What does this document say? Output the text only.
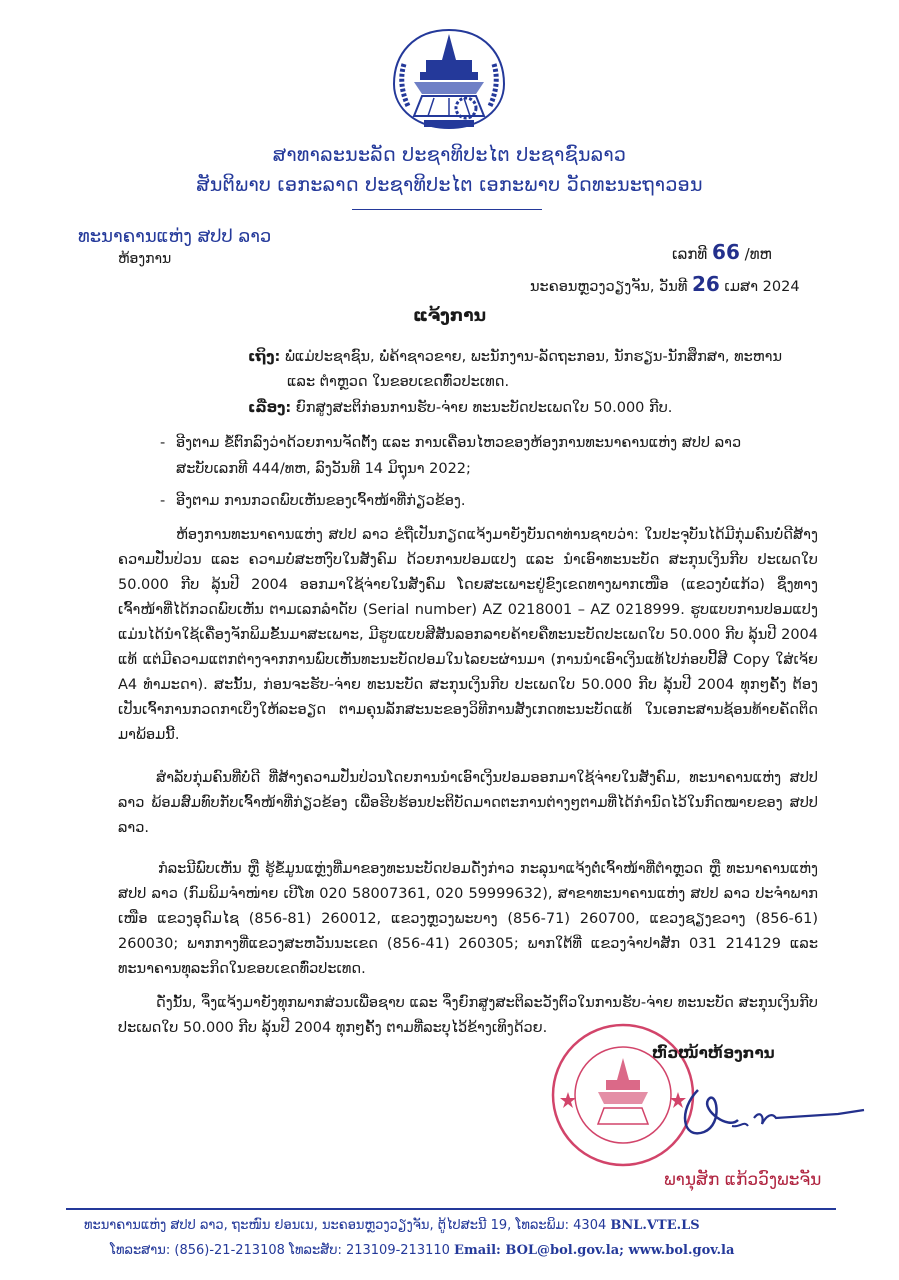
ສາທາລະນະລັດ ປະຊາທິປະໄຕ ປະຊາຊົນລາວ
ສັນຕິພາບ ເອກະລາດ ປະຊາທິປະໄຕ ເອກະພາບ ວັດທະນະຖາວອນ
ທະນາຄານແຫ່ງ ສປປ ລາວ
ຫ້ອງການ	ເລກທີ 66 /ທຫ
ນະຄອນຫຼວງວຽງຈັນ, ວັນທີ 26 ເມສາ 2024
ແຈ້ງການ
ເຖິງ: ພໍ່ແມ່ປະຊາຊົນ, ພໍ່ຄ້າຊາວຂາຍ, ພະນັກງານ-ລັດຖະກອນ, ນັກຮຽນ-ນັກສຶກສາ, ທະຫານ
ແລະ ຕໍາຫຼວດ ໃນຂອບເຂດທົ່ວປະເທດ.
ເລື່ອງ: ຍົກສູງສະຕິກ່ອນການຮັບ-ຈ່າຍ ທະນະບັດປະເພດໃບ 50.000 ກີບ.
- ອີງຕາມ ຂໍ້ຕົກລົງວ່າດ້ວຍການຈັດຕັ້ງ ແລະ ການເຄື່ອນໄຫວຂອງຫ້ອງການທະນາຄານແຫ່ງ ສປປ ລາວ
ສະບັບເລກທີ 444/ທຫ, ລົງວັນທີ 14 ມິຖຸນາ 2022;
- ອີງຕາມ ການກວດພົບເຫັນຂອງເຈົ້າໜ້າທີ່ກ່ຽວຂ້ອງ.
ຫ້ອງການທະນາຄານແຫ່ງ ສປປ ລາວ ຂໍຖືເປັນກຽດແຈ້ງມາຍັງບັນດາທ່ານຊາບວ່າ: ໃນປະຈຸບັນໄດ້ມີກຸ່ມຄົນບໍ່ດີສ້າງຄວາມປັ່ນປ່ວນ ແລະ ຄວາມບໍ່ສະຫງົບໃນສັງຄົມ ດ້ວຍການປອມແປງ ແລະ ນໍາເອົາທະນະບັດ ສະກຸນເງິນກີບ ປະເພດໃບ 50.000 ກີບ ລຸ້ນປີ 2004 ອອກມາໃຊ້ຈ່າຍໃນສັງຄົມ ໂດຍສະເພາະຢູ່ຂົງເຂດທາງພາກເໜືອ (ແຂວງບໍ່ແກ້ວ) ຊຶ່ງທາງເຈົ້າໜ້າທີ່ໄດ້ກວດພົບເຫັນ ຕາມເລກລໍາດັບ (Serial number) AZ 0218001 – AZ 0218999. ຮູບແບບການປອມແປງແມ່ນໄດ້ນໍາໃຊ້ເຄື່ອງຈັກພິມຂັ້ນມາສະເພາະ, ມີຮູບແບບສີສັນລອກລາຍຄ້າຍຄືທະນະບັດປະເພດໃບ 50.000 ກີບ ລຸ້ນປີ 2004 ແທ້ ແຕ່ມີຄວາມແຕກຕ່າງຈາກການພົບເຫັນທະນະບັດປອມໃນໄລຍະຜ່ານມາ (ການນໍາເອົາເງິນແທ້ໄປກ່ອບປີ້ສີ Copy ໃສ່ເຈ້ຍ A4 ທໍາມະດາ). ສະນັ້ນ, ກ່ອນຈະຮັບ-ຈ່າຍ ທະນະບັດ ສະກຸນເງິນກີບ ປະເພດໃບ 50.000 ກີບ ລຸ້ນປີ 2004 ທຸກໆຄັ້ງ ຕ້ອງເປັນເຈົ້າການກວດກາເບິ່ງໃຫ້ລະອຽດ ຕາມຄຸນລັກສະນະຂອງວິທີການສັງເກດທະນະບັດແທ້ ໃນເອກະສານຊ້ອນທ້າຍຄັດຕິດມາພ້ອມນີ້.
ສໍາລັບກຸ່ມຄົນທີ່ບໍ່ດີ ທີ່ສ້າງຄວາມປັ່ນປ່ວນໂດຍການນໍາເອົາເງິນປອມອອກມາໃຊ້ຈ່າຍໃນສັງຄົມ, ທະນາຄານແຫ່ງ ສປປ ລາວ ພ້ອມສົມທົບກັບເຈົ້າໜ້າທີ່ກ່ຽວຂ້ອງ ເພື່ອຮີບຮ້ອນປະຕິບັດມາດຕະການຕ່າງໆຕາມທີ່ໄດ້ກໍານົດໄວ້ໃນກົດໝາຍຂອງ ສປປ ລາວ.
ກໍລະນີພົບເຫັນ ຫຼື ຮູ້ຂໍ້ມູນແຫຼ່ງທີ່ມາຂອງທະນະບັດປອມດັ່ງກ່າວ ກະລຸນາແຈ້ງຕໍ່ເຈົ້າໜ້າທີ່ຕໍາຫຼວດ ຫຼື ທະນາຄານແຫ່ງ ສປປ ລາວ (ກົມພິມຈໍາໜ່າຍ ເບີໂທ 020 58007361, 020 59999632), ສາຂາທະນາຄານແຫ່ງ ສປປ ລາວ ປະຈໍາພາກເໜືອ ແຂວງອຸດົມໄຊ (856-81) 260012, ແຂວງຫຼວງພະບາງ (856-71) 260700, ແຂວງຊຽງຂວາງ (856-61) 260030; ພາກກາງທີ່ແຂວງສະຫວັນນະເຂດ (856-41) 260305; ພາກໃຕ້ທີ່ ແຂວງຈໍາປາສັກ 031 214129 ແລະ ທະນາຄານທຸລະກິດໃນຂອບເຂດທົ່ວປະເທດ.
ດັ່ງນັ້ນ, ຈຶ່ງແຈ້ງມາຍັງທຸກພາກສ່ວນເພື່ອຊາບ ແລະ ຈຶ່ງຍົກສູງສະຕິລະວັງຕົວໃນການຮັບ-ຈ່າຍ ທະນະບັດ ສະກຸນເງິນກີບ ປະເພດໃບ 50.000 ກີບ ລຸ້ນປີ 2004 ທຸກໆຄັ້ງ ຕາມທີ່ລະບຸໄວ້ຂ້າງເທິງດ້ວຍ.
ຫົວໜ້າຫ້ອງການ
ພານຸສັກ ແກ້ວວົງພະຈັນ
ທະນາຄານແຫ່ງ ສປປ ລາວ, ຖະໜົນ ຢອນເນ, ນະຄອນຫຼວງວຽງຈັນ, ຕູ້ໄປສະນີ 19, ໂທລະພິມ: 4304 BNL.VTE.LS
ໂທລະສານ: (856)-21-213108 ໂທລະສັບ: 213109-213110 Email: BOL@bol.gov.la; www.bol.gov.la
